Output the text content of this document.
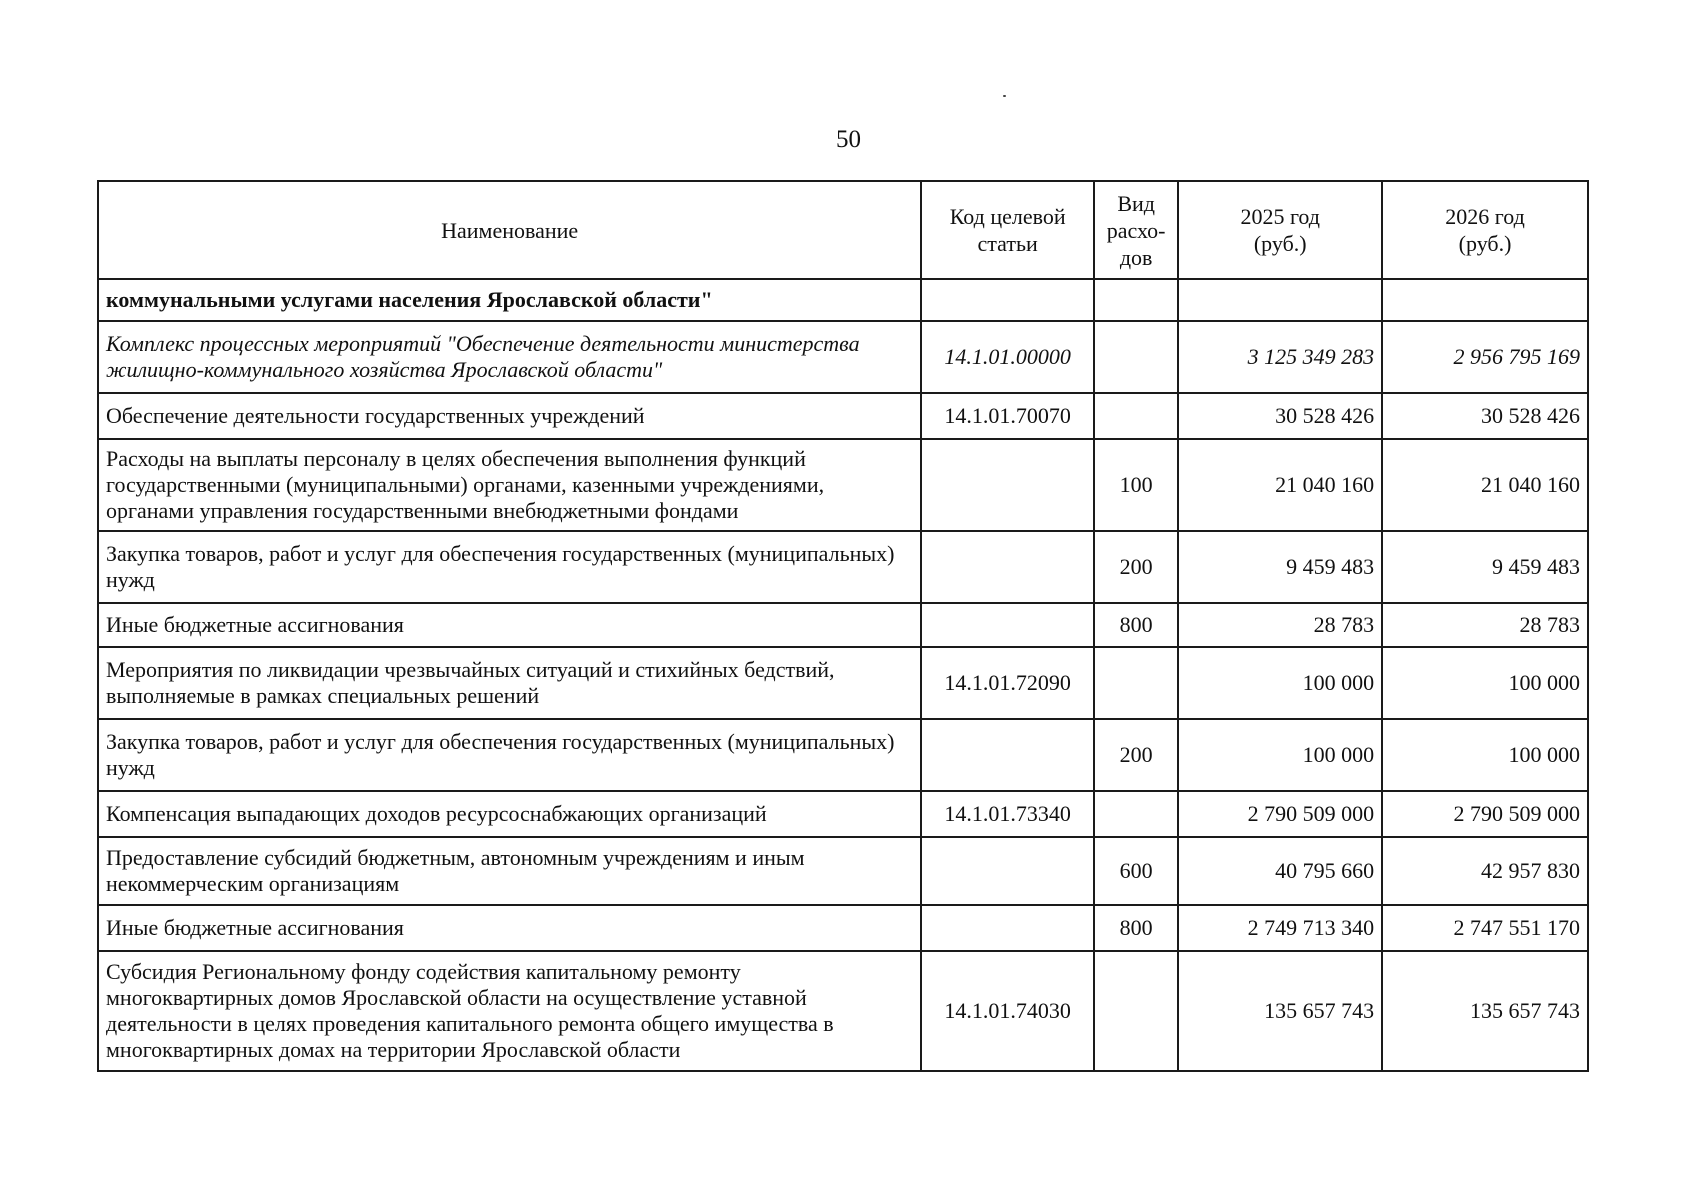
50
Наименование	Код целевой статьи	Вид расхо-дов	2025 год (руб.)	2026 год (руб.)
коммунальными услугами населения Ярославской области"				
Комплекс процессных мероприятий "Обеспечение деятельности министерства жилищно-коммунального хозяйства Ярославской области"	14.1.01.00000		3 125 349 283	2 956 795 169
Обеспечение деятельности государственных учреждений	14.1.01.70070		30 528 426	30 528 426
Расходы на выплаты персоналу в целях обеспечения выполнения функций государственными (муниципальными) органами, казенными учреждениями, органами управления государственными внебюджетными фондами		100	21 040 160	21 040 160
Закупка товаров, работ и услуг для обеспечения государственных (муниципальных) нужд		200	9 459 483	9 459 483
Иные бюджетные ассигнования		800	28 783	28 783
Мероприятия по ликвидации чрезвычайных ситуаций и стихийных бедствий, выполняемые в рамках специальных решений	14.1.01.72090		100 000	100 000
Закупка товаров, работ и услуг для обеспечения государственных (муниципальных) нужд		200	100 000	100 000
Компенсация выпадающих доходов ресурсоснабжающих организаций	14.1.01.73340		2 790 509 000	2 790 509 000
Предоставление субсидий бюджетным, автономным учреждениям и иным некоммерческим организациям		600	40 795 660	42 957 830
Иные бюджетные ассигнования		800	2 749 713 340	2 747 551 170
Субсидия Региональному фонду содействия капитальному ремонту многоквартирных домов Ярославской области на осуществление уставной деятельности в целях проведения капитального ремонта общего имущества в многоквартирных домах на территории Ярославской области	14.1.01.74030		135 657 743	135 657 743
